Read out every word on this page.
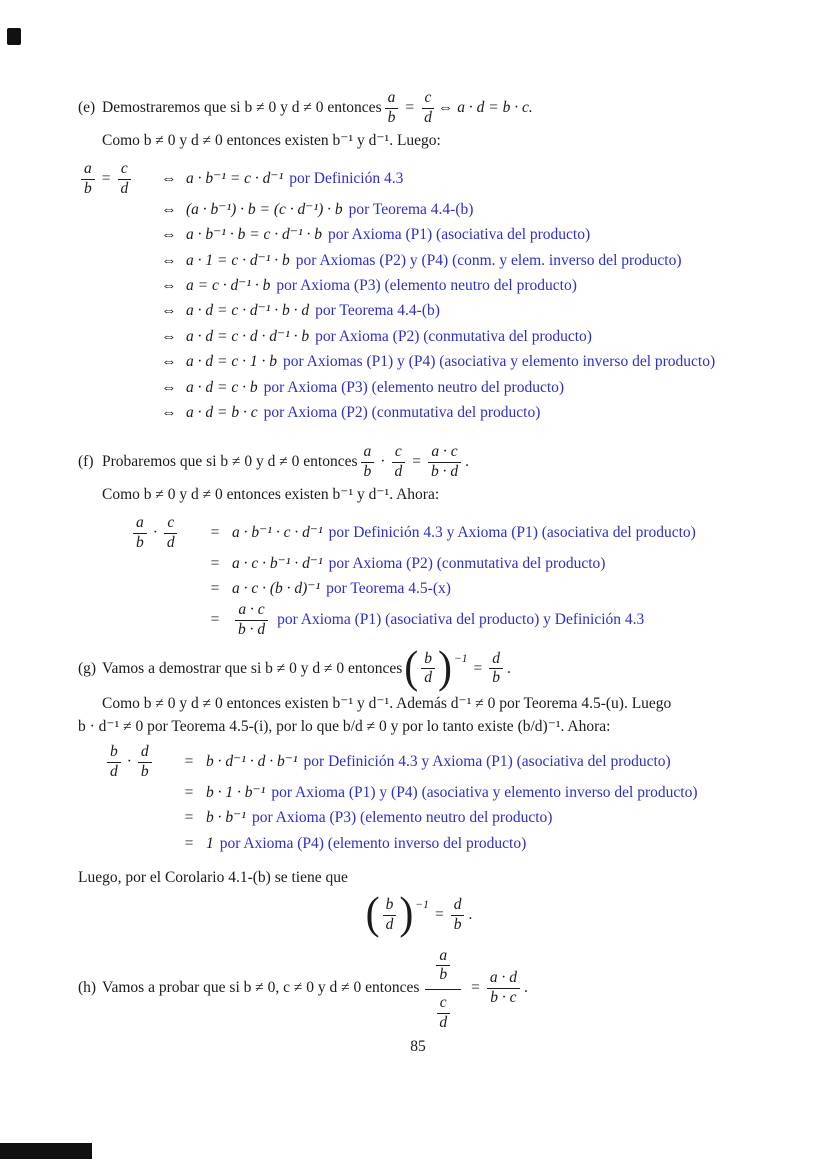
(e) Demostraremos que si b ≠ 0 y d ≠ 0 entonces $\frac{a}{b} = \frac{c}{d}$ ⇔ a · d = b · c.
Como b ≠ 0 y d ≠ 0 entonces existen b⁻¹ y d⁻¹. Luego:
$\frac{a}{b} = \frac{c}{d}$	⇔ a · b⁻¹ = c · d⁻¹ por Definición 4.3
⇔ (a · b⁻¹) · b = (c · d⁻¹) · b por Teorema 4.4-(b)
⇔ a · b⁻¹ · b = c · d⁻¹ · b por Axioma (P1) (asociativa del producto)
⇔ a · 1 = c · d⁻¹ · b por Axiomas (P2) y (P4) (conm. y elem. inverso del producto)
⇔ a = c · d⁻¹ · b por Axioma (P3) (elemento neutro del producto)
⇔ a · d = c · d⁻¹ · b · d por Teorema 4.4-(b)
⇔ a · d = c · d · d⁻¹ · b por Axioma (P2) (conmutativa del producto)
⇔ a · d = c · 1 · b por Axiomas (P1) y (P4) (asociativa y elemento inverso del producto)
⇔ a · d = c · b por Axioma (P3) (elemento neutro del producto)
⇔ a · d = b · c por Axioma (P2) (conmutativa del producto)
(f) Probaremos que si b ≠ 0 y d ≠ 0 entonces $\frac{a}{b} \cdot \frac{c}{d} = \frac{a \cdot c}{b \cdot d}$ .
Como b ≠ 0 y d ≠ 0 entonces existen b⁻¹ y d⁻¹. Ahora:
$\frac{a}{b} \cdot \frac{c}{d}$	= a · b⁻¹ · c · d⁻¹ por Definición 4.3 y Axioma (P1) (asociativa del producto)
= a · c · b⁻¹ · d⁻¹ por Axioma (P2) (conmutativa del producto)
= a · c · (b · d)⁻¹ por Teorema 4.5-(x)
=	$\frac{a \cdot c}{b \cdot d}$ por Axioma (P1) (asociativa del producto) y Definición 4.3
(g) Vamos a demostrar que si b ≠ 0 y d ≠ 0 entonces ( $\frac{b}{d}$ ) −1
= $\frac{d}{b}$ .
Como b ≠ 0 y d ≠ 0 entonces existen b⁻¹ y d⁻¹. Además d⁻¹ ≠ 0 por Teorema 4.5-(u). Luego
b · d⁻¹ ≠ 0 por Teorema 4.5-(i), por lo que b/d ≠ 0 y por lo tanto existe (b/d)⁻¹. Ahora:
$\frac{b}{d} \cdot \frac{d}{b}$	= b · d⁻¹ · d · b⁻¹ por Definición 4.3 y Axioma (P1) (asociativa del producto)
= b · 1 · b⁻¹ por Axioma (P1) y (P4) (asociativa y elemento inverso del producto)
= b · b⁻¹ por Axioma (P3) (elemento neutro del producto)
= 1 por Axioma (P4) (elemento inverso del producto)
Luego, por el Corolario 4.1-(b) se tiene que
( $\frac{b}{d}$ ) −1
= $\frac{d}{b}$ .
(h) Vamos a probar que si b ≠ 0, c ≠ 0 y d ≠ 0 entonces $\frac{\frac{a}{b}}{\frac{c}{d}} = \frac{a \cdot d}{b \cdot c}$ .
85
